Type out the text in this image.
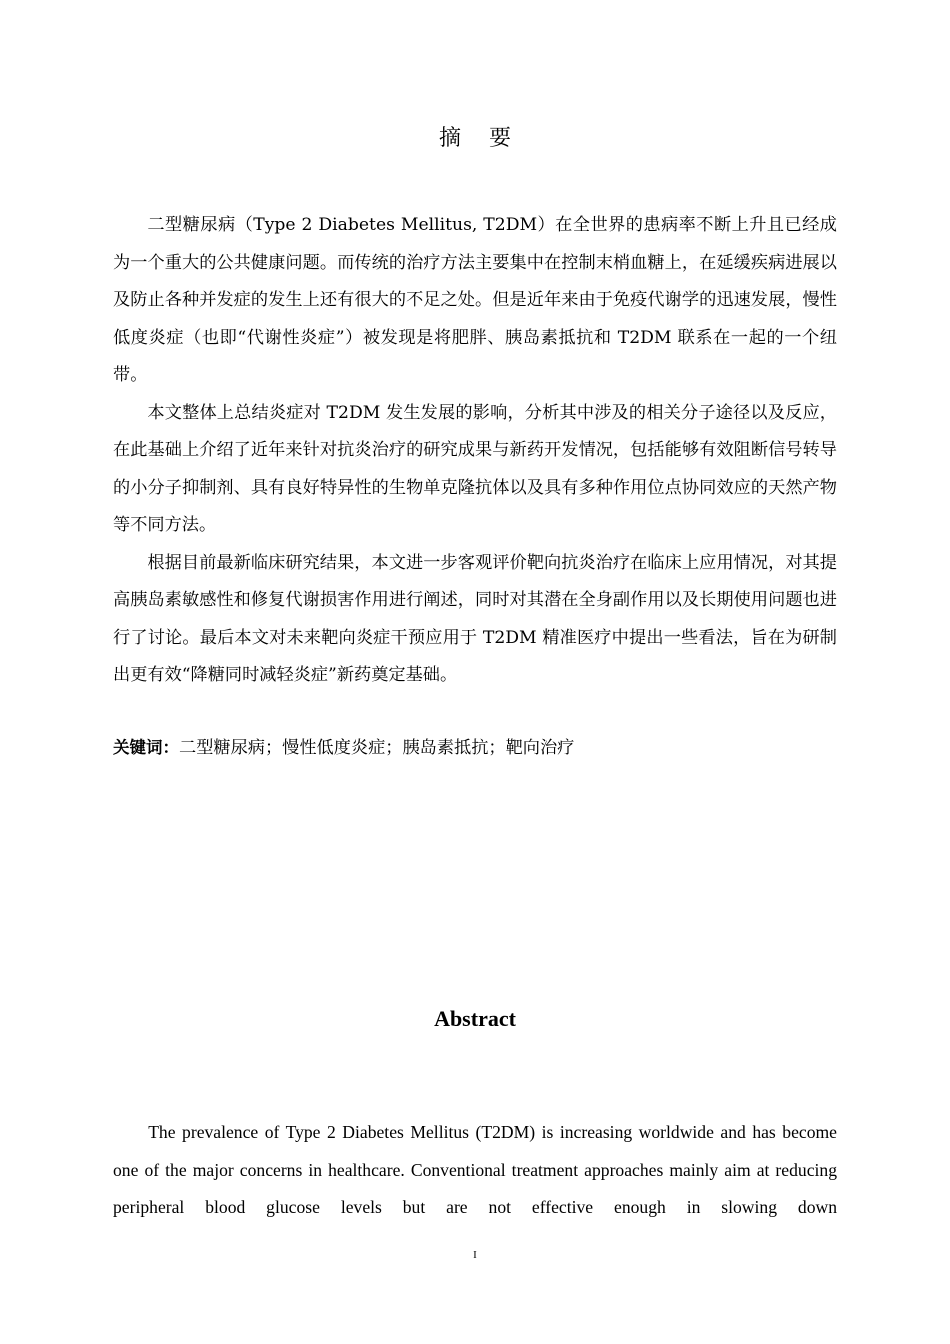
摘要

二型糖尿病（Type 2 Diabetes Mellitus, T2DM）在全世界的患病率不断上升且已经成为一个重大的公共健康问题。而传统的治疗方法主要集中在控制末梢血糖上，在延缓疾病进展以及防止各种并发症的发生上还有很大的不足之处。但是近年来由于免疫代谢学的迅速发展，慢性低度炎症（也即“代谢性炎症”）被发现是将肥胖、胰岛素抵抗和 T2DM 联系在一起的一个纽带。

本文整体上总结炎症对 T2DM 发生发展的影响，分析其中涉及的相关分子途径以及反应，在此基础上介绍了近年来针对抗炎治疗的研究成果与新药开发情况，包括能够有效阻断信号转导的小分子抑制剂、具有良好特异性的生物单克隆抗体以及具有多种作用位点协同效应的天然产物等不同方法。

根据目前最新临床研究结果，本文进一步客观评价靶向抗炎治疗在临床上应用情况，对其提高胰岛素敏感性和修复代谢损害作用进行阐述，同时对其潜在全身副作用以及长期使用问题也进行了讨论。最后本文对未来靶向炎症干预应用于 T2DM 精准医疗中提出一些看法，旨在为研制出更有效“降糖同时减轻炎症”新药奠定基础。

关键词：二型糖尿病；慢性低度炎症；胰岛素抵抗；靶向治疗
Abstract

The prevalence of Type 2 Diabetes Mellitus (T2DM) is increasing worldwide and has become one of the major concerns in healthcare. Conventional treatment approaches mainly aim at reducing peripheral blood glucose levels but are not effective enough in slowing down

I
